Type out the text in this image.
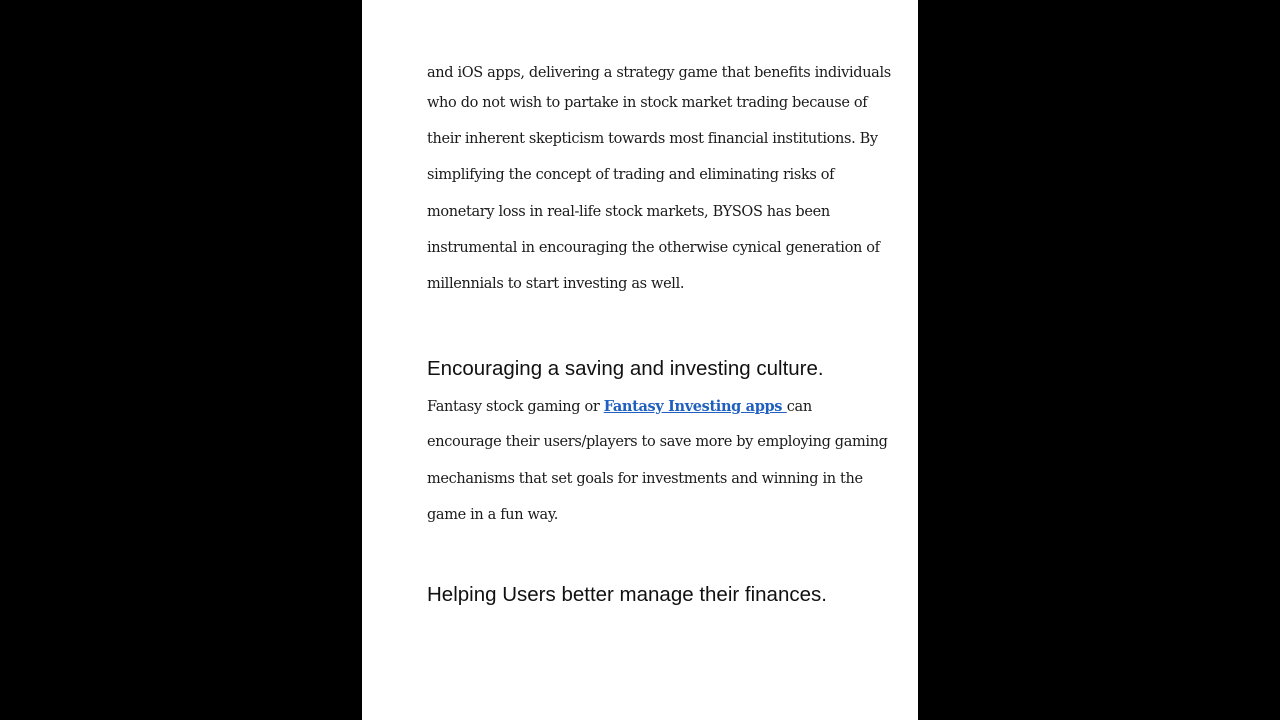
and iOS apps, delivering a strategy game that benefits individuals
who do not wish to partake in stock market trading because of
their inherent skepticism towards most financial institutions. By
simplifying the concept of trading and eliminating risks of
monetary loss in real-life stock markets, BYSOS has been
instrumental in encouraging the otherwise cynical generation of
millennials to start investing as well.
Encouraging a saving and investing culture.
Fantasy stock gaming or Fantasy Investing apps can
encourage their users/players to save more by employing gaming
mechanisms that set goals for investments and winning in the
game in a fun way.
Helping Users better manage their finances.
